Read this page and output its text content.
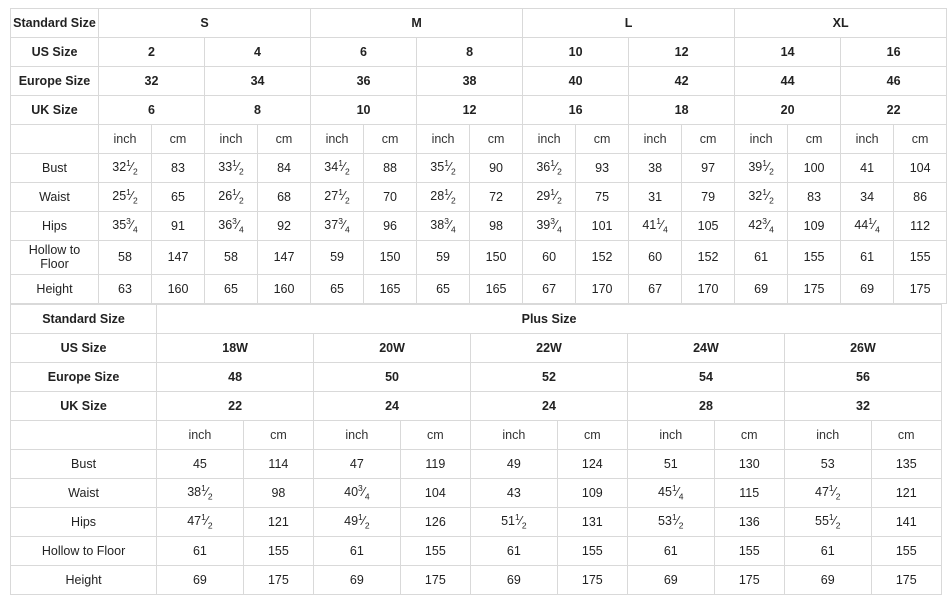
Standard Size	S				M				L				XL			
US Size	2		4		6		8		10		12		14		16	
Europe Size	32		34		36		38		40		42		44		46	
UK Size	6		8		10		12		16		18		20		22	
	inch	cm	inch	cm	inch	cm	inch	cm	inch	cm	inch	cm	inch	cm	inch	cm
Bust	$32^1⁄_2$	83	$33^1⁄_2$	84	$34^1⁄_2$	88	$35^1⁄_2$	90	$36^1⁄_2$	93	38	97	$39^1⁄_2$	100	41	104
Waist	$25^1⁄_2$	65	$26^1⁄_2$	68	$27^1⁄_2$	70	$28^1⁄_2$	72	$29^1⁄_2$	75	31	79	$32^1⁄_2$	83	34	86
Hips	$35^3⁄_4$	91	$36^3⁄_4$	92	$37^3⁄_4$	96	$38^3⁄_4$	98	$39^3⁄_4$	101	$41^1⁄_4$	105	$42^3⁄_4$	109	$44^1⁄_4$	112
Hollow to Floor	58	147	58	147	59	150	59	150	60	152	60	152	61	155	61	155
Height	63	160	65	160	65	165	65	165	67	170	67	170	69	175	69	175
Standard Size	Plus Size									
US Size	18W		20W		22W		24W		26W	
Europe Size	48		50		52		54		56	
UK Size	22		24		24		28		32	
	inch	cm	inch	cm	inch	cm	inch	cm	inch	cm
Bust	45	114	47	119	49	124	51	130	53	135
Waist	$38^1⁄_2$	98	$40^3⁄_4$	104	43	109	$45^1⁄_4$	115	$47^1⁄_2$	121
Hips	$47^1⁄_2$	121	$49^1⁄_2$	126	$51^1⁄_2$	131	$53^1⁄_2$	136	$55^1⁄_2$	141
Hollow to Floor	61	155	61	155	61	155	61	155	61	155
Height	69	175	69	175	69	175	69	175	69	175
